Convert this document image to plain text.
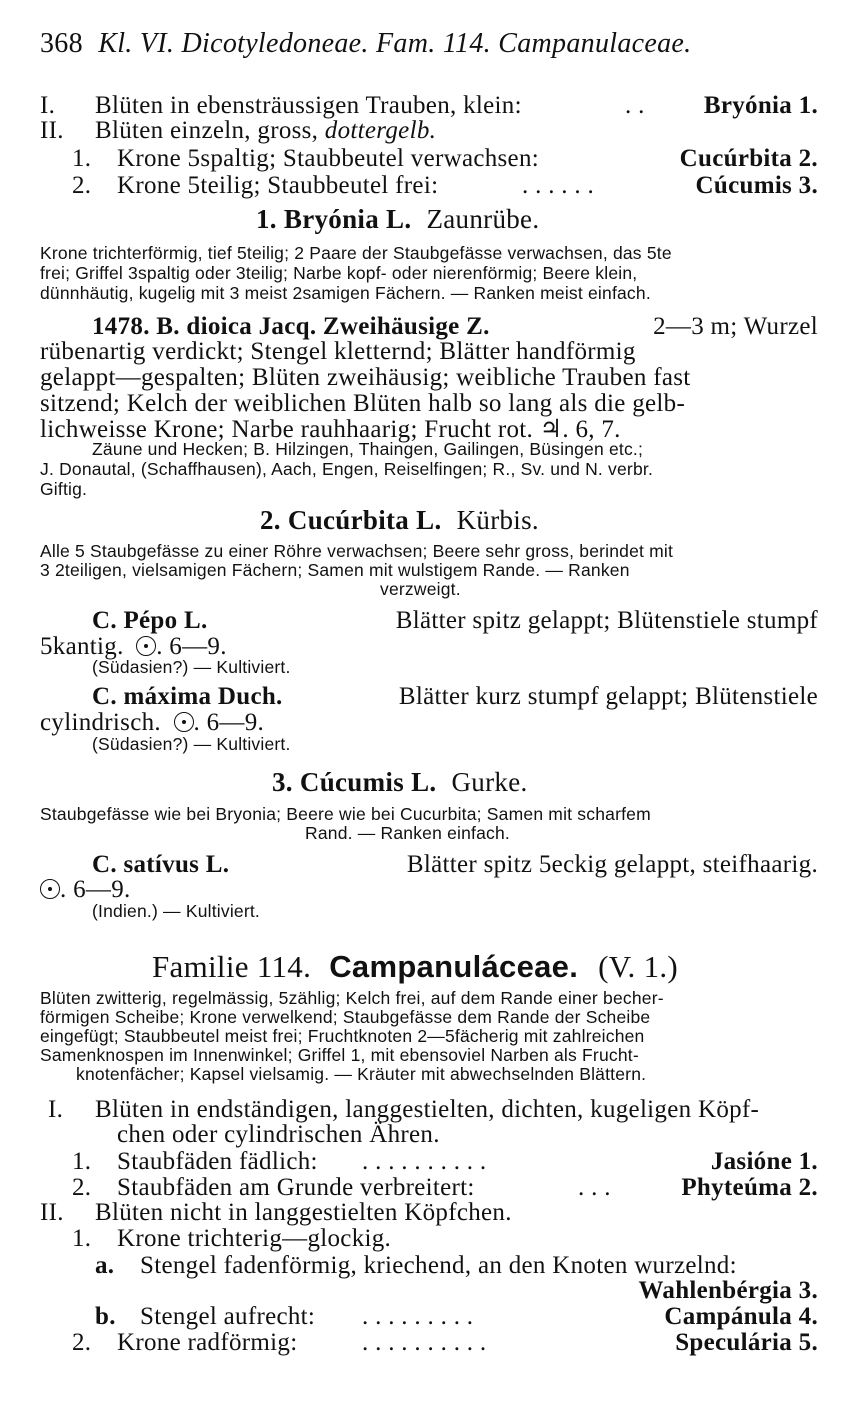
368 Kl. VI. Dicotyledoneae. Fam. 114. Campanulaceae.
I. Blüten in ebensträussigen Trauben, klein:	. . Bryónia 1.
II. Blüten einzeln, gross, dottergelb.
1. Krone 5spaltig; Staubbeutel verwachsen:	Cucúrbita 2.
2. Krone 5teilig; Staubbeutel frei:	. . . . . .	Cúcumis 3.
1. Bryónia L. Zaunrübe.
Krone trichterförmig, tief 5teilig; 2 Paare der Staubgefässe verwachsen, das 5te
frei; Griffel 3spaltig oder 3teilig; Narbe kopf- oder nierenförmig; Beere klein,
dünnhäutig, kugelig mit 3 meist 2samigen Fächern. — Ranken meist einfach.
1478. B. dioica Jacq. Zweihäusige Z.	2—3 m; Wurzel
rübenartig verdickt; Stengel kletternd; Blätter handförmig
gelappt—gespalten; Blüten zweihäusig; weibliche Trauben fast
sitzend; Kelch der weiblichen Blüten halb so lang als die gelb-
lichweisse Krone; Narbe rauhhaarig; Frucht rot. ♃. 6, 7.
Zäune und Hecken; B. Hilzingen, Thaingen, Gailingen, Büsingen etc.;
J. Donautal, (Schaffhausen), Aach, Engen, Reiselfingen; R., Sv. und N. verbr.
Giftig.
2. Cucúrbita L. Kürbis.
Alle 5 Staubgefässe zu einer Röhre verwachsen; Beere sehr gross, berindet mit
3 2teiligen, vielsamigen Fächern; Samen mit wulstigem Rande. — Ranken
verzweigt.
C. Pépo L.	Blätter spitz gelappt; Blütenstiele stumpf
5kantig. . 6—9.
(Südasien?) — Kultiviert.
C. máxima Duch.	Blätter kurz stumpf gelappt; Blütenstiele
cylindrisch. . 6—9.
(Südasien?) — Kultiviert.
3. Cúcumis L. Gurke.
Staubgefässe wie bei Bryonia; Beere wie bei Cucurbita; Samen mit scharfem
Rand. — Ranken einfach.
C. satívus L.	Blätter spitz 5eckig gelappt, steifhaarig.
. 6—9.
(Indien.) — Kultiviert.
Familie 114. Campanuláceae. (V. 1.)
Blüten zwitterig, regelmässig, 5zählig; Kelch frei, auf dem Rande einer becher-
förmigen Scheibe; Krone verwelkend; Staubgefässe dem Rande der Scheibe
eingefügt; Staubbeutel meist frei; Fruchtknoten 2—5fächerig mit zahlreichen
Samenknospen im Innenwinkel; Griffel 1, mit ebensoviel Narben als Frucht-
knotenfächer; Kapsel vielsamig. — Kräuter mit abwechselnden Blättern.
I. Blüten in endständigen, langgestielten, dichten, kugeligen Köpf-
chen oder cylindrischen Ähren.
1. Staubfäden fädlich: . . . . . . . . . .	Jasióne 1.
2. Staubfäden am Grunde verbreitert:	. . .	Phyteúma 2.
II. Blüten nicht in langgestielten Köpfchen.
1. Krone trichterig—glockig.
a. Stengel fadenförmig, kriechend, an den Knoten wurzelnd:
Wahlenbérgia 3.
b. Stengel aufrecht: . . . . . . . . .	Campánula 4.
2. Krone radförmig:	. . . . . . . . . .	Speculária 5.
